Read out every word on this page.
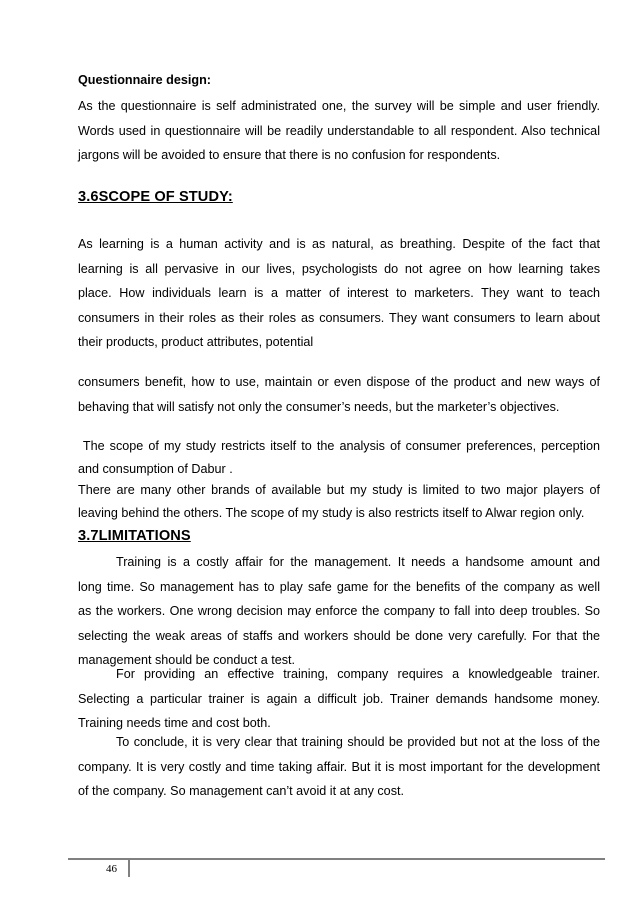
Questionnaire design:
As the questionnaire is self administrated one, the survey will be simple and user friendly.
Words used in questionnaire will be readily understandable to all respondent. Also technical
jargons will be avoided to ensure that there is no confusion for respondents.
3.6SCOPE OF STUDY:
As learning is a human activity and is as natural, as breathing. Despite of the fact that
learning is all pervasive in our lives, psychologists do not agree on how learning takes
place. How individuals learn is a matter of interest to marketers. They want to teach
consumers in their roles as their roles as consumers. They want consumers to learn about
their products, product attributes, potential
consumers benefit, how to use, maintain or even dispose of the product and new ways of
behaving that will satisfy not only the consumer’s needs, but the marketer’s objectives.
The scope of my study restricts itself to the analysis of consumer preferences, perception
and consumption of Dabur .
There are many other brands of available but my study is limited to two major players of
leaving behind the others. The scope of my study is also restricts itself to Alwar region only.
3.7LIMITATIONS
Training is a costly affair for the management. It needs a handsome amount and
long time. So management has to play safe game for the benefits of the company as well
as the workers. One wrong decision may enforce the company to fall into deep troubles. So
selecting the weak areas of staffs and workers should be done very carefully. For that the
management should be conduct a test.
For providing an effective training, company requires a knowledgeable trainer.
Selecting a particular trainer is again a difficult job. Trainer demands handsome money.
Training needs time and cost both.
To conclude, it is very clear that training should be provided but not at the loss of the
company. It is very costly and time taking affair. But it is most important for the development
of the company. So management can’t avoid it at any cost.
46
